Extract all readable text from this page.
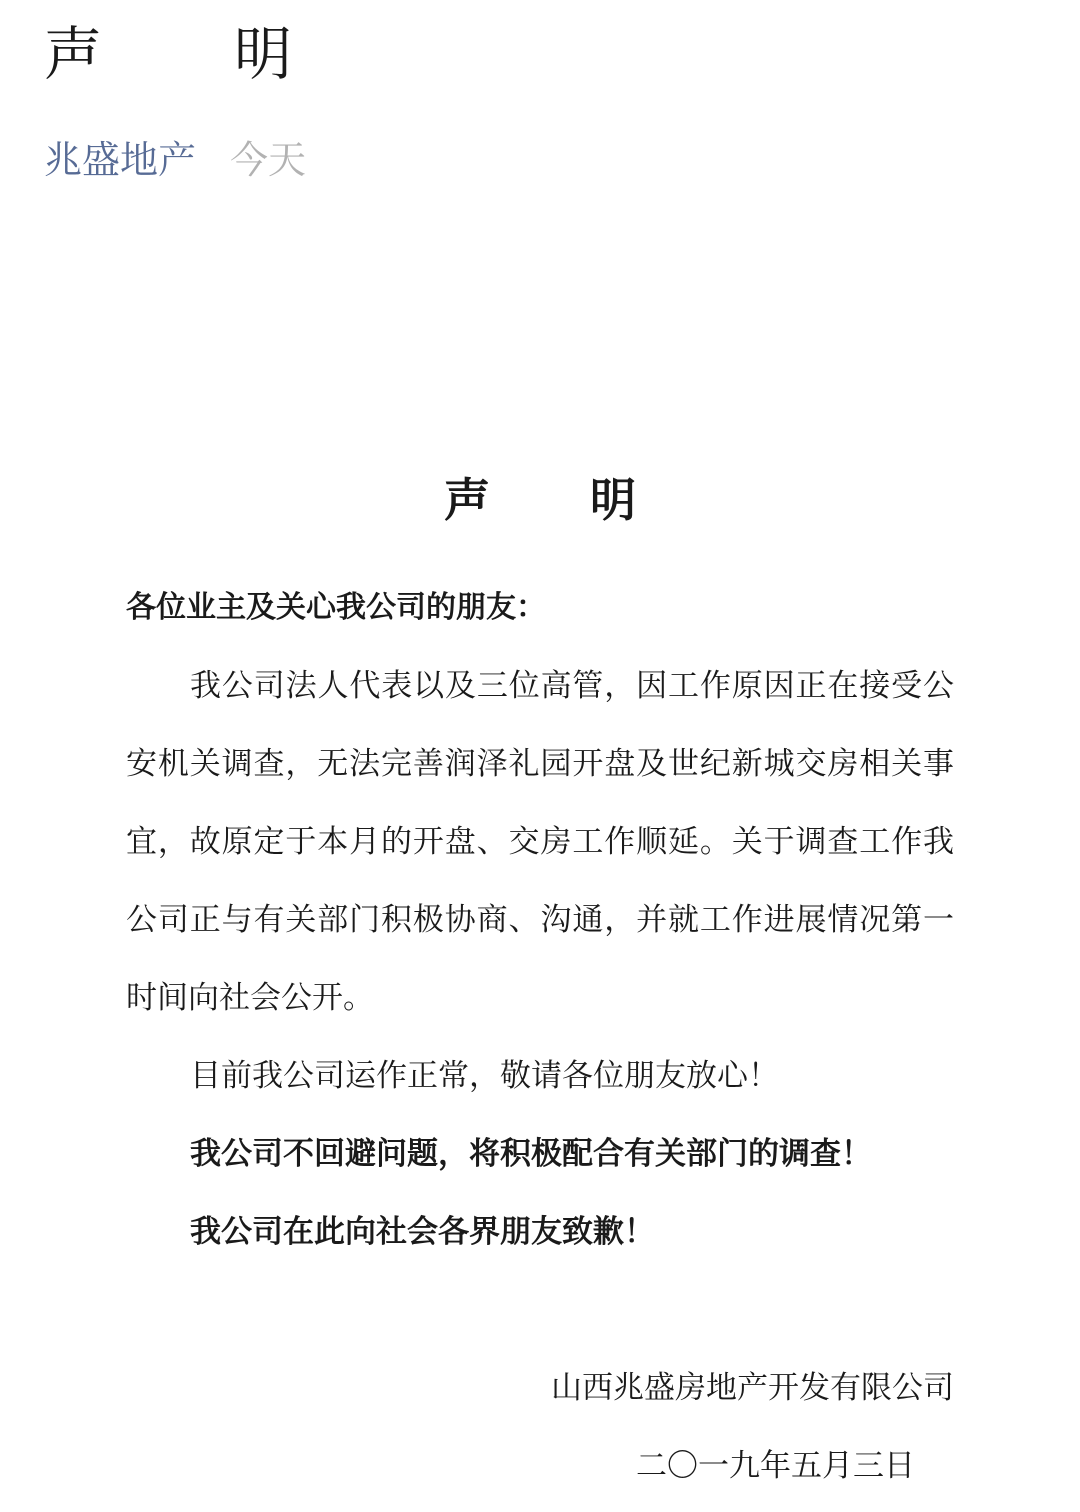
声 明
兆盛地产 今天
声 明
各位业主及关心我公司的朋友：
我公司法人代表以及三位高管，因工作原因正在接受公
安机关调查，无法完善润泽礼园开盘及世纪新城交房相关事
宜，故原定于本月的开盘、交房工作顺延。关于调查工作我
公司正与有关部门积极协商、沟通，并就工作进展情况第一
时间向社会公开。
目前我公司运作正常，敬请各位朋友放心！
我公司不回避问题，将积极配合有关部门的调查！
我公司在此向社会各界朋友致歉！
山西兆盛房地产开发有限公司
二〇一九年五月三日
